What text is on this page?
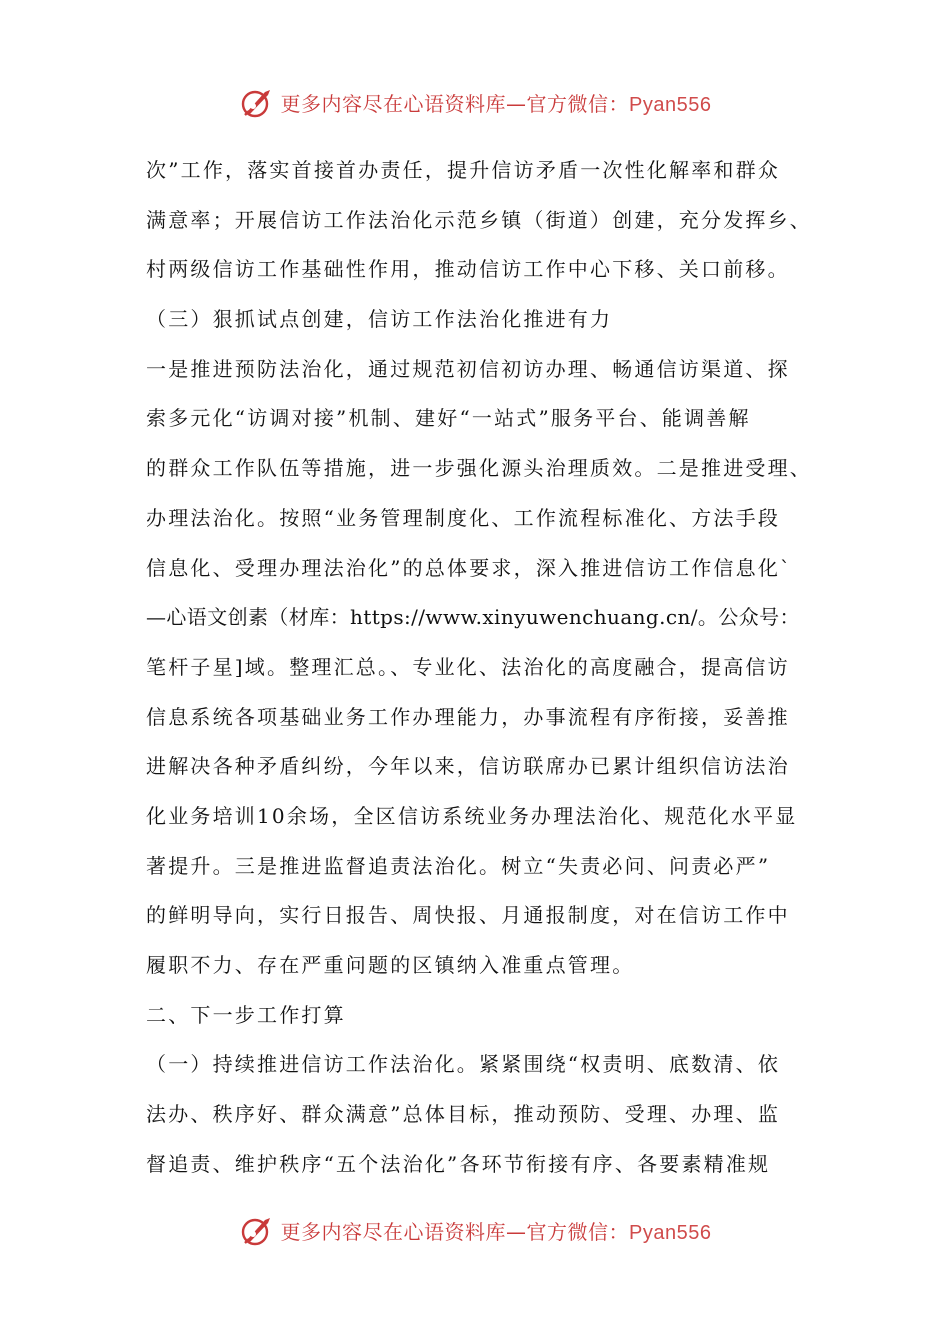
更多内容尽在心语资料库—官方微信：Pyan556
次”工作，落实首接首办责任，提升信访矛盾一次性化解率和群众
满意率；开展信访工作法治化示范乡镇（街道）创建，充分发挥乡、
村两级信访工作基础性作用，推动信访工作中心下移、关口前移。
（三）狠抓试点创建，信访工作法治化推进有力
一是推进预防法治化，通过规范初信初访办理、畅通信访渠道、探
索多元化“访调对接”机制、建好“一站式”服务平台、能调善解
的群众工作队伍等措施，进一步强化源头治理质效。二是推进受理、
办理法治化。按照“业务管理制度化、工作流程标准化、方法手段
信息化、受理办理法治化”的总体要求，深入推进信访工作信息化`
—心语文创素（材库：https://www.xinyuwenchuang.cn/。公众号：
笔杆子星]域。整理汇总。、专业化、法治化的高度融合，提高信访
信息系统各项基础业务工作办理能力，办事流程有序衔接，妥善推
进解决各种矛盾纠纷，今年以来，信访联席办已累计组织信访法治
化业务培训10余场，全区信访系统业务办理法治化、规范化水平显
著提升。三是推进监督追责法治化。树立“失责必问、问责必严”
的鲜明导向，实行日报告、周快报、月通报制度，对在信访工作中
履职不力、存在严重问题的区镇纳入准重点管理。
二、下一步工作打算
（一）持续推进信访工作法治化。紧紧围绕“权责明、底数清、依
法办、秩序好、群众满意”总体目标，推动预防、受理、办理、监
督追责、维护秩序“五个法治化”各环节衔接有序、各要素精准规
更多内容尽在心语资料库—官方微信：Pyan556
